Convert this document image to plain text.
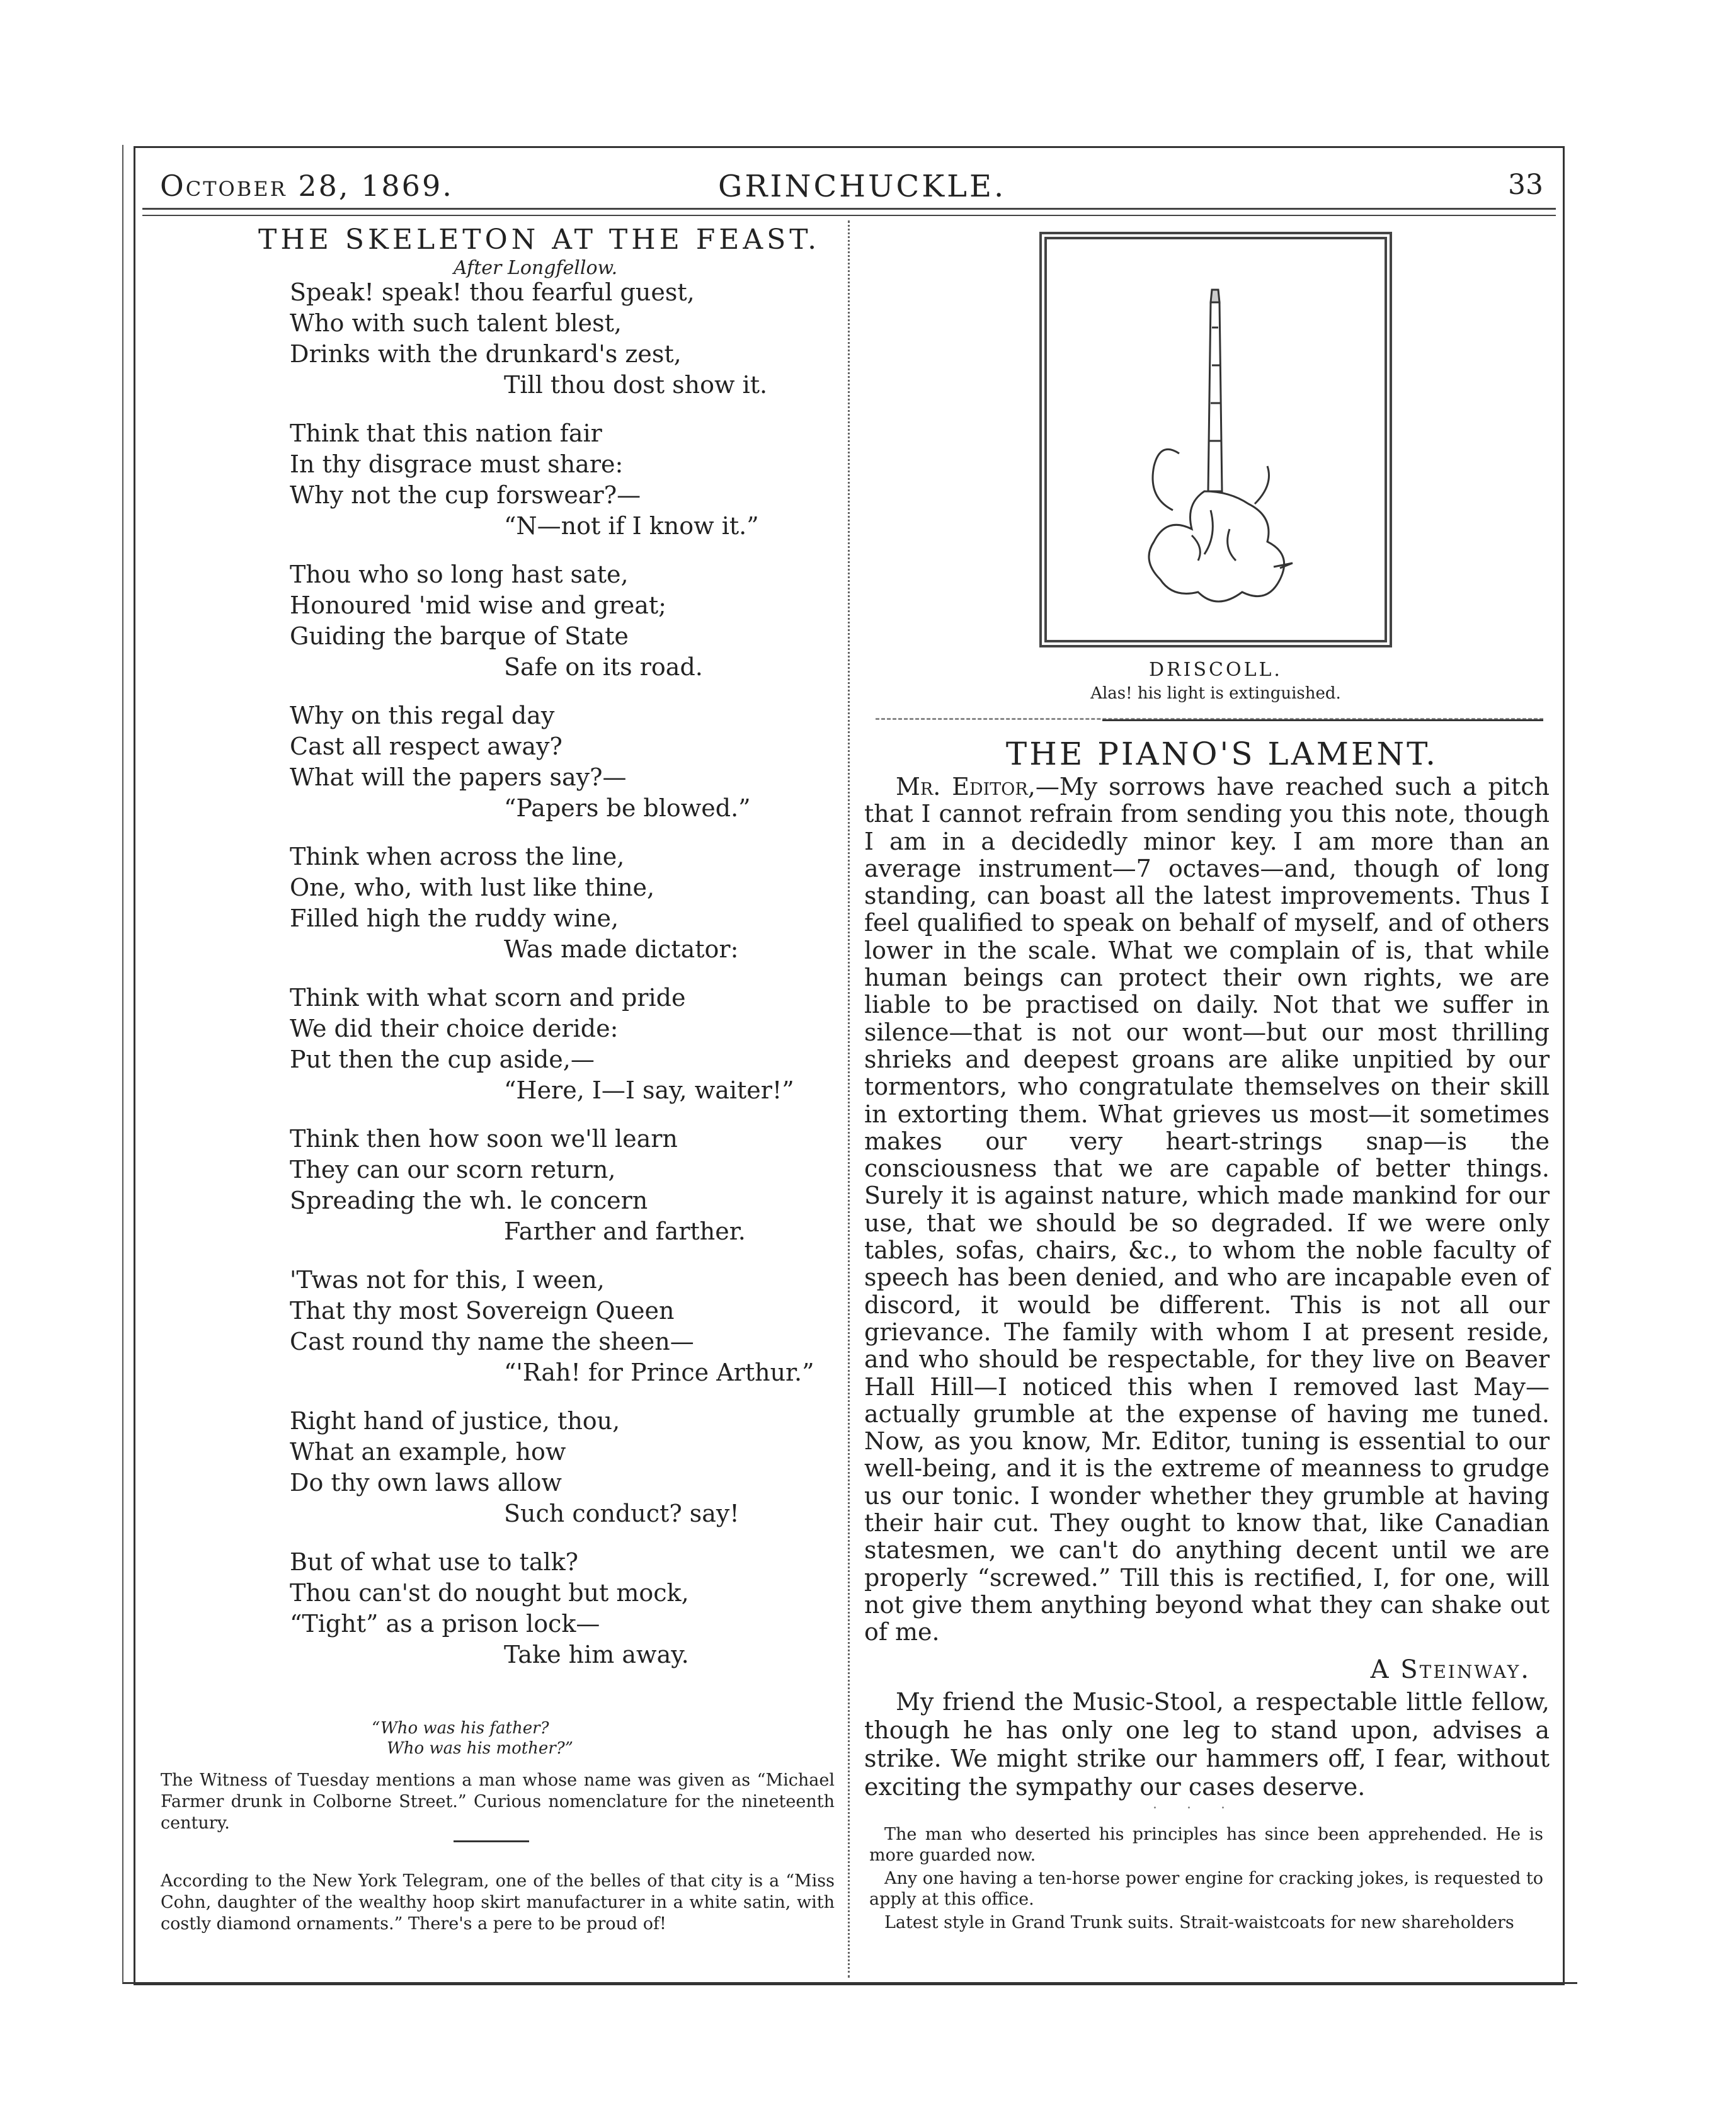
October 28, 1869.	GRINCHUCKLE.	33
THE SKELETON AT THE FEAST.
After Longfellow.
Speak! speak! thou fearful guest,
Who with such talent blest,
Drinks with the drunkard's zest,
Till thou dost show it.
Think that this nation fair
In thy disgrace must share:
Why not the cup forswear?—
“N—not if I know it.”
Thou who so long hast sate,
Honoured 'mid wise and great;
Guiding the barque of State
Safe on its road.
Why on this regal day
Cast all respect away?
What will the papers say?—
“Papers be blowed.”
Think when across the line,
One, who, with lust like thine,
Filled high the ruddy wine,
Was made dictator:
Think with what scorn and pride
We did their choice deride:
Put then the cup aside,—
“Here, I—I say, waiter!”
Think then how soon we'll learn
They can our scorn return,
Spreading the wh. le concern
Farther and farther.
'Twas not for this, I ween,
That thy most Sovereign Queen
Cast round thy name the sheen—
“'Rah! for Prince Arthur.”
Right hand of justice, thou,
What an example, how
Do thy own laws allow
Such conduct? say!
But of what use to talk?
Thou can'st do nought but mock,
“Tight” as a prison lock—
Take him away.
“Who was his father?
Who was his mother?”
The Witness of Tuesday mentions a man whose name was given as “Michael Farmer drunk in Colborne Street.” Curious nomenclature for the nineteenth century.
According to the New York Telegram, one of the belles of that city is a “Miss Cohn, daughter of the wealthy hoop skirt manufacturer in a white satin, with costly diamond ornaments.” There's a pere to be proud of!
DRISCOLL.
Alas! his light is extinguished.
THE PIANO'S LAMENT.

Mr. Editor,—My sorrows have reached such a pitch that I cannot refrain from sending you this note, though I am in a decidedly minor key. I am more than an average instrument—7 octaves—and, though of long standing, can boast all the latest improvements. Thus I feel qualified to speak on behalf of myself, and of others lower in the scale. What we complain of is, that while human beings can protect their own rights, we are liable to be practised on daily. Not that we suffer in silence—that is not our wont—but our most thrilling shrieks and deepest groans are alike unpitied by our tormentors, who congratulate themselves on their skill in extorting them. What grieves us most—it sometimes makes our very heart-strings snap—is the consciousness that we are capable of better things. Surely it is against nature, which made mankind for our use, that we should be so degraded. If we were only tables, sofas, chairs, &c., to whom the noble faculty of speech has been denied, and who are incapable even of discord, it would be different. This is not all our grievance. The family with whom I at present reside, and who should be respectable, for they live on Beaver Hall Hill—I noticed this when I removed last May—actually grumble at the expense of having me tuned. Now, as you know, Mr. Editor, tuning is essential to our well-being, and it is the extreme of meanness to grudge us our tonic. I wonder whether they grumble at having their hair cut. They ought to know that, like Canadian statesmen, we can't do anything decent until we are properly “screwed.” Till this is rectified, I, for one, will not give them anything beyond what they can shake out of me.

A Steinway.

My friend the Music-Stool, a respectable little fellow, though he has only one leg to stand upon, advises a strike. We might strike our hammers off, I fear, without exciting the sympathy our cases deserve.

. . .
The man who deserted his principles has since been apprehended. He is more guarded now.
Any one having a ten-horse power engine for cracking jokes, is requested to apply at this office.
Latest style in Grand Trunk suits. Strait-waistcoats for new shareholders
